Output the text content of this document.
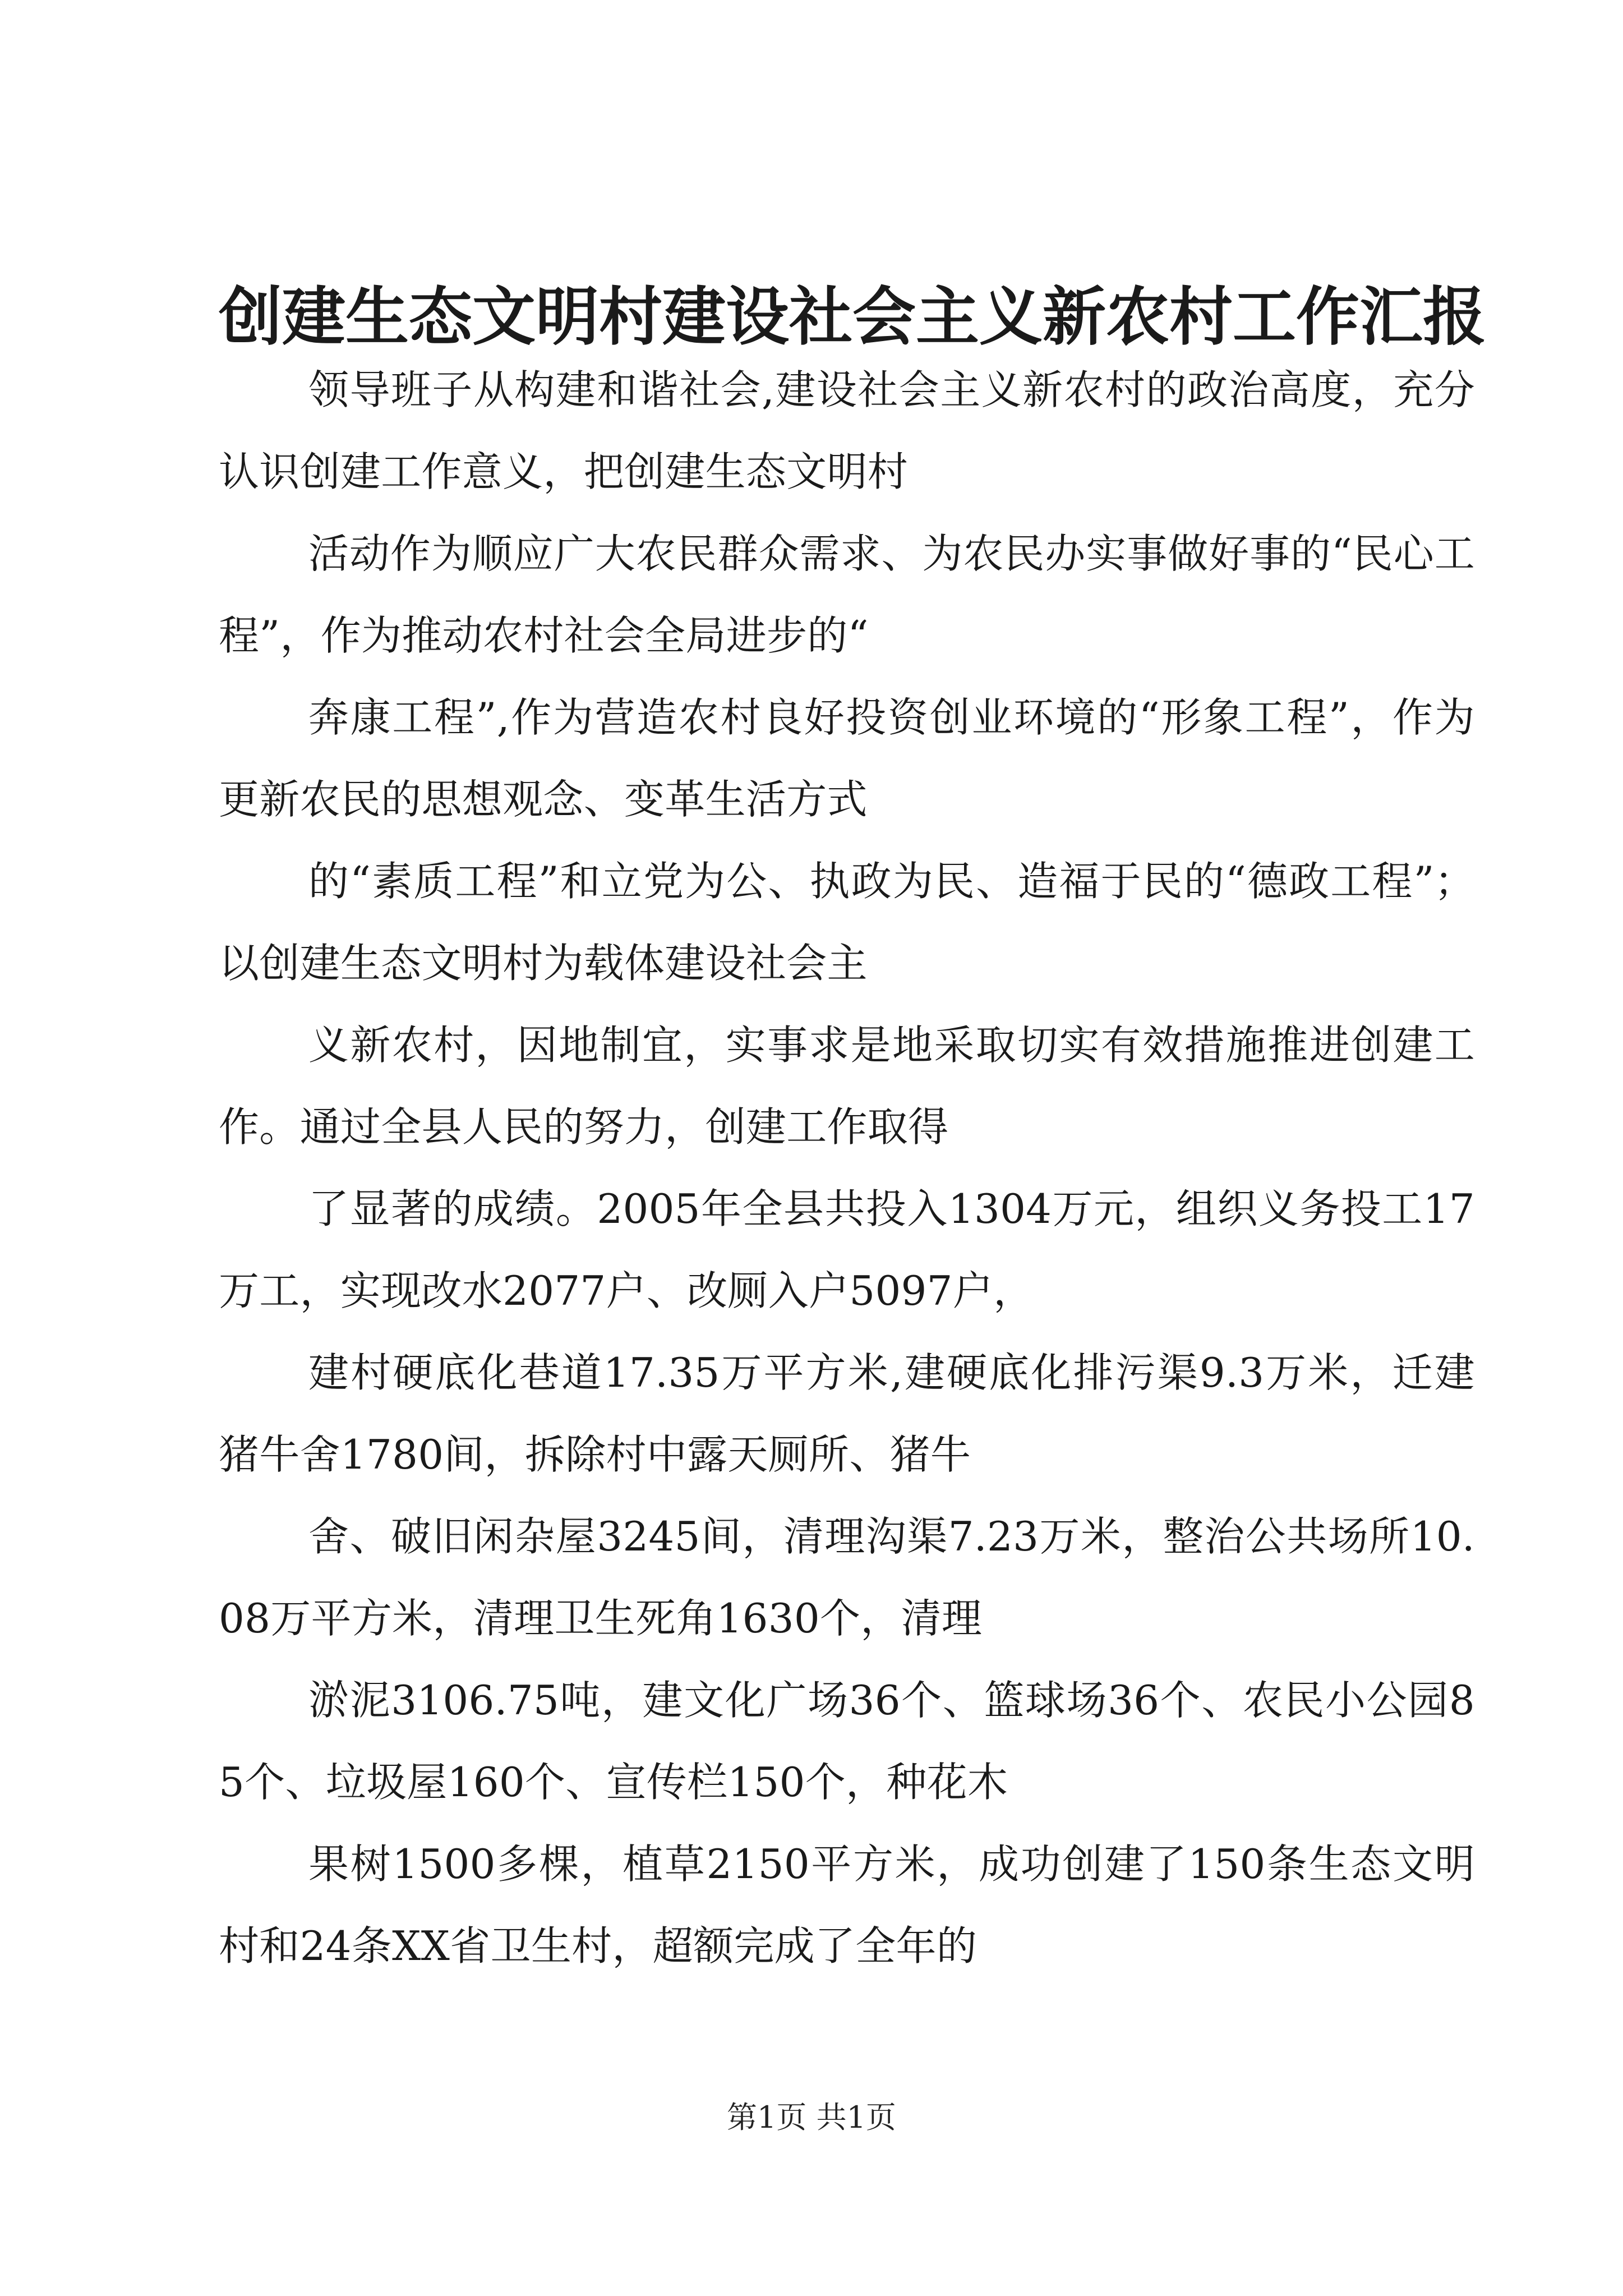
创建生态文明村建设社会主义新农村工作汇报

领导班子从构建和谐社会,建设社会主义新农村的政治高度，充分认识创建工作意义，把创建生态文明村

活动作为顺应广大农民群众需求、为农民办实事做好事的“民心工程”，作为推动农村社会全局进步的“

奔康工程”,作为营造农村良好投资创业环境的“形象工程”，作为更新农民的思想观念、变革生活方式

的“素质工程”和立党为公、执政为民、造福于民的“德政工程”；以创建生态文明村为载体建设社会主

义新农村，因地制宜，实事求是地采取切实有效措施推进创建工作。通过全县人民的努力，创建工作取得

了显著的成绩。2005年全县共投入1304万元，组织义务投工17万工，实现改水2077户、改厕入户5097户，

建村硬底化巷道17.35万平方米,建硬底化排污渠9.3万米，迁建猪牛舍1780间，拆除村中露天厕所、猪牛

舍、破旧闲杂屋3245间，清理沟渠7.23万米，整治公共场所10.08万平方米，清理卫生死角1630个，清理

淤泥3106.75吨，建文化广场36个、篮球场36个、农民小公园85个、垃圾屋160个、宣传栏150个，种花木

果树1500多棵，植草2150平方米，成功创建了150条生态文明村和24条XX省卫生村，超额完成了全年的

第1页 共1页
